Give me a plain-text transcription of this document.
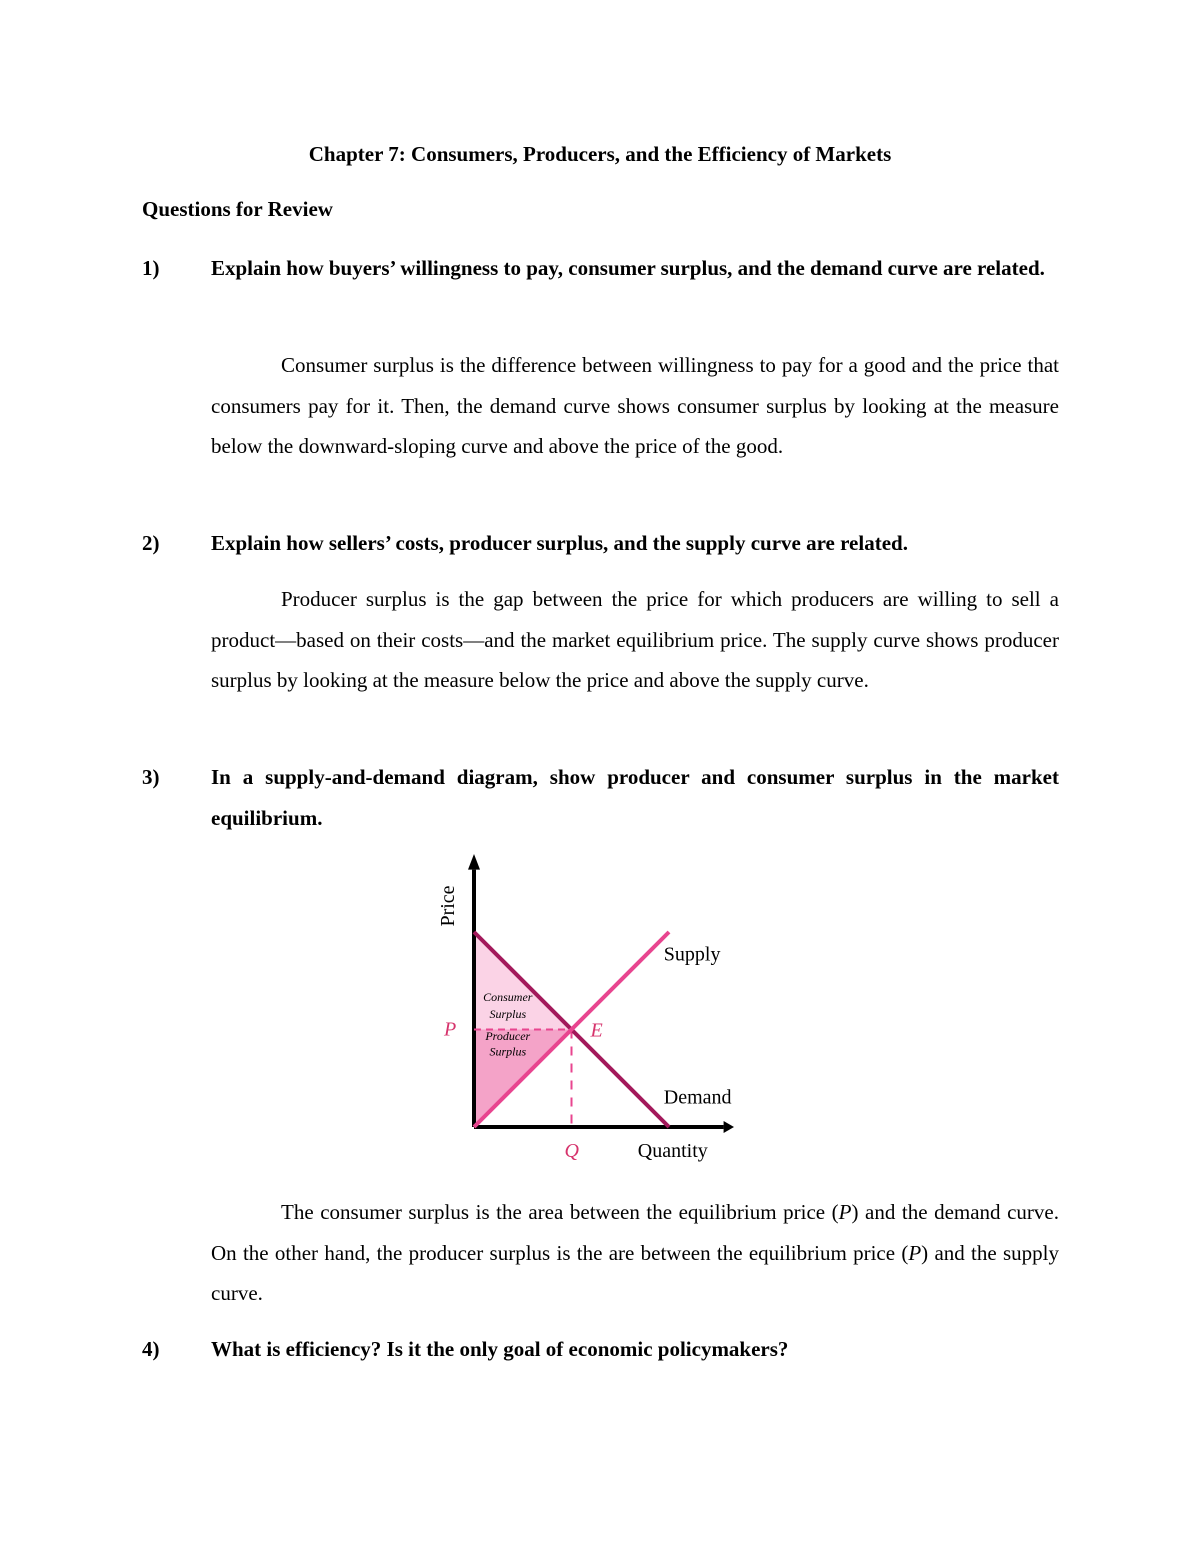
Chapter 7: Consumers, Producers, and the Efficiency of Markets
Questions for Review
1) Explain how buyers’ willingness to pay, consumer surplus, and the demand curve are related.

Consumer surplus is the difference between willingness to pay for a good and the price that consumers pay for it. Then, the demand curve shows consumer surplus by looking at the measure below the downward-sloping curve and above the price of the good.

2) Explain how sellers’ costs, producer surplus, and the supply curve are related.

Producer surplus is the gap between the price for which producers are willing to sell a product—based on their costs—and the market equilibrium price. The supply curve shows producer surplus by looking at the measure below the price and above the supply curve.

3) In a supply-and-demand diagram, show producer and consumer surplus in the market equilibrium.
Price
Quantity
Supply
Demand
P
Q
E
Consumer
Surplus
Producer
Surplus

The consumer surplus is the area between the equilibrium price (P) and the demand curve. On the other hand, the producer surplus is the are between the equilibrium price (P) and the supply curve.

4) What is efficiency? Is it the only goal of economic policymakers?
